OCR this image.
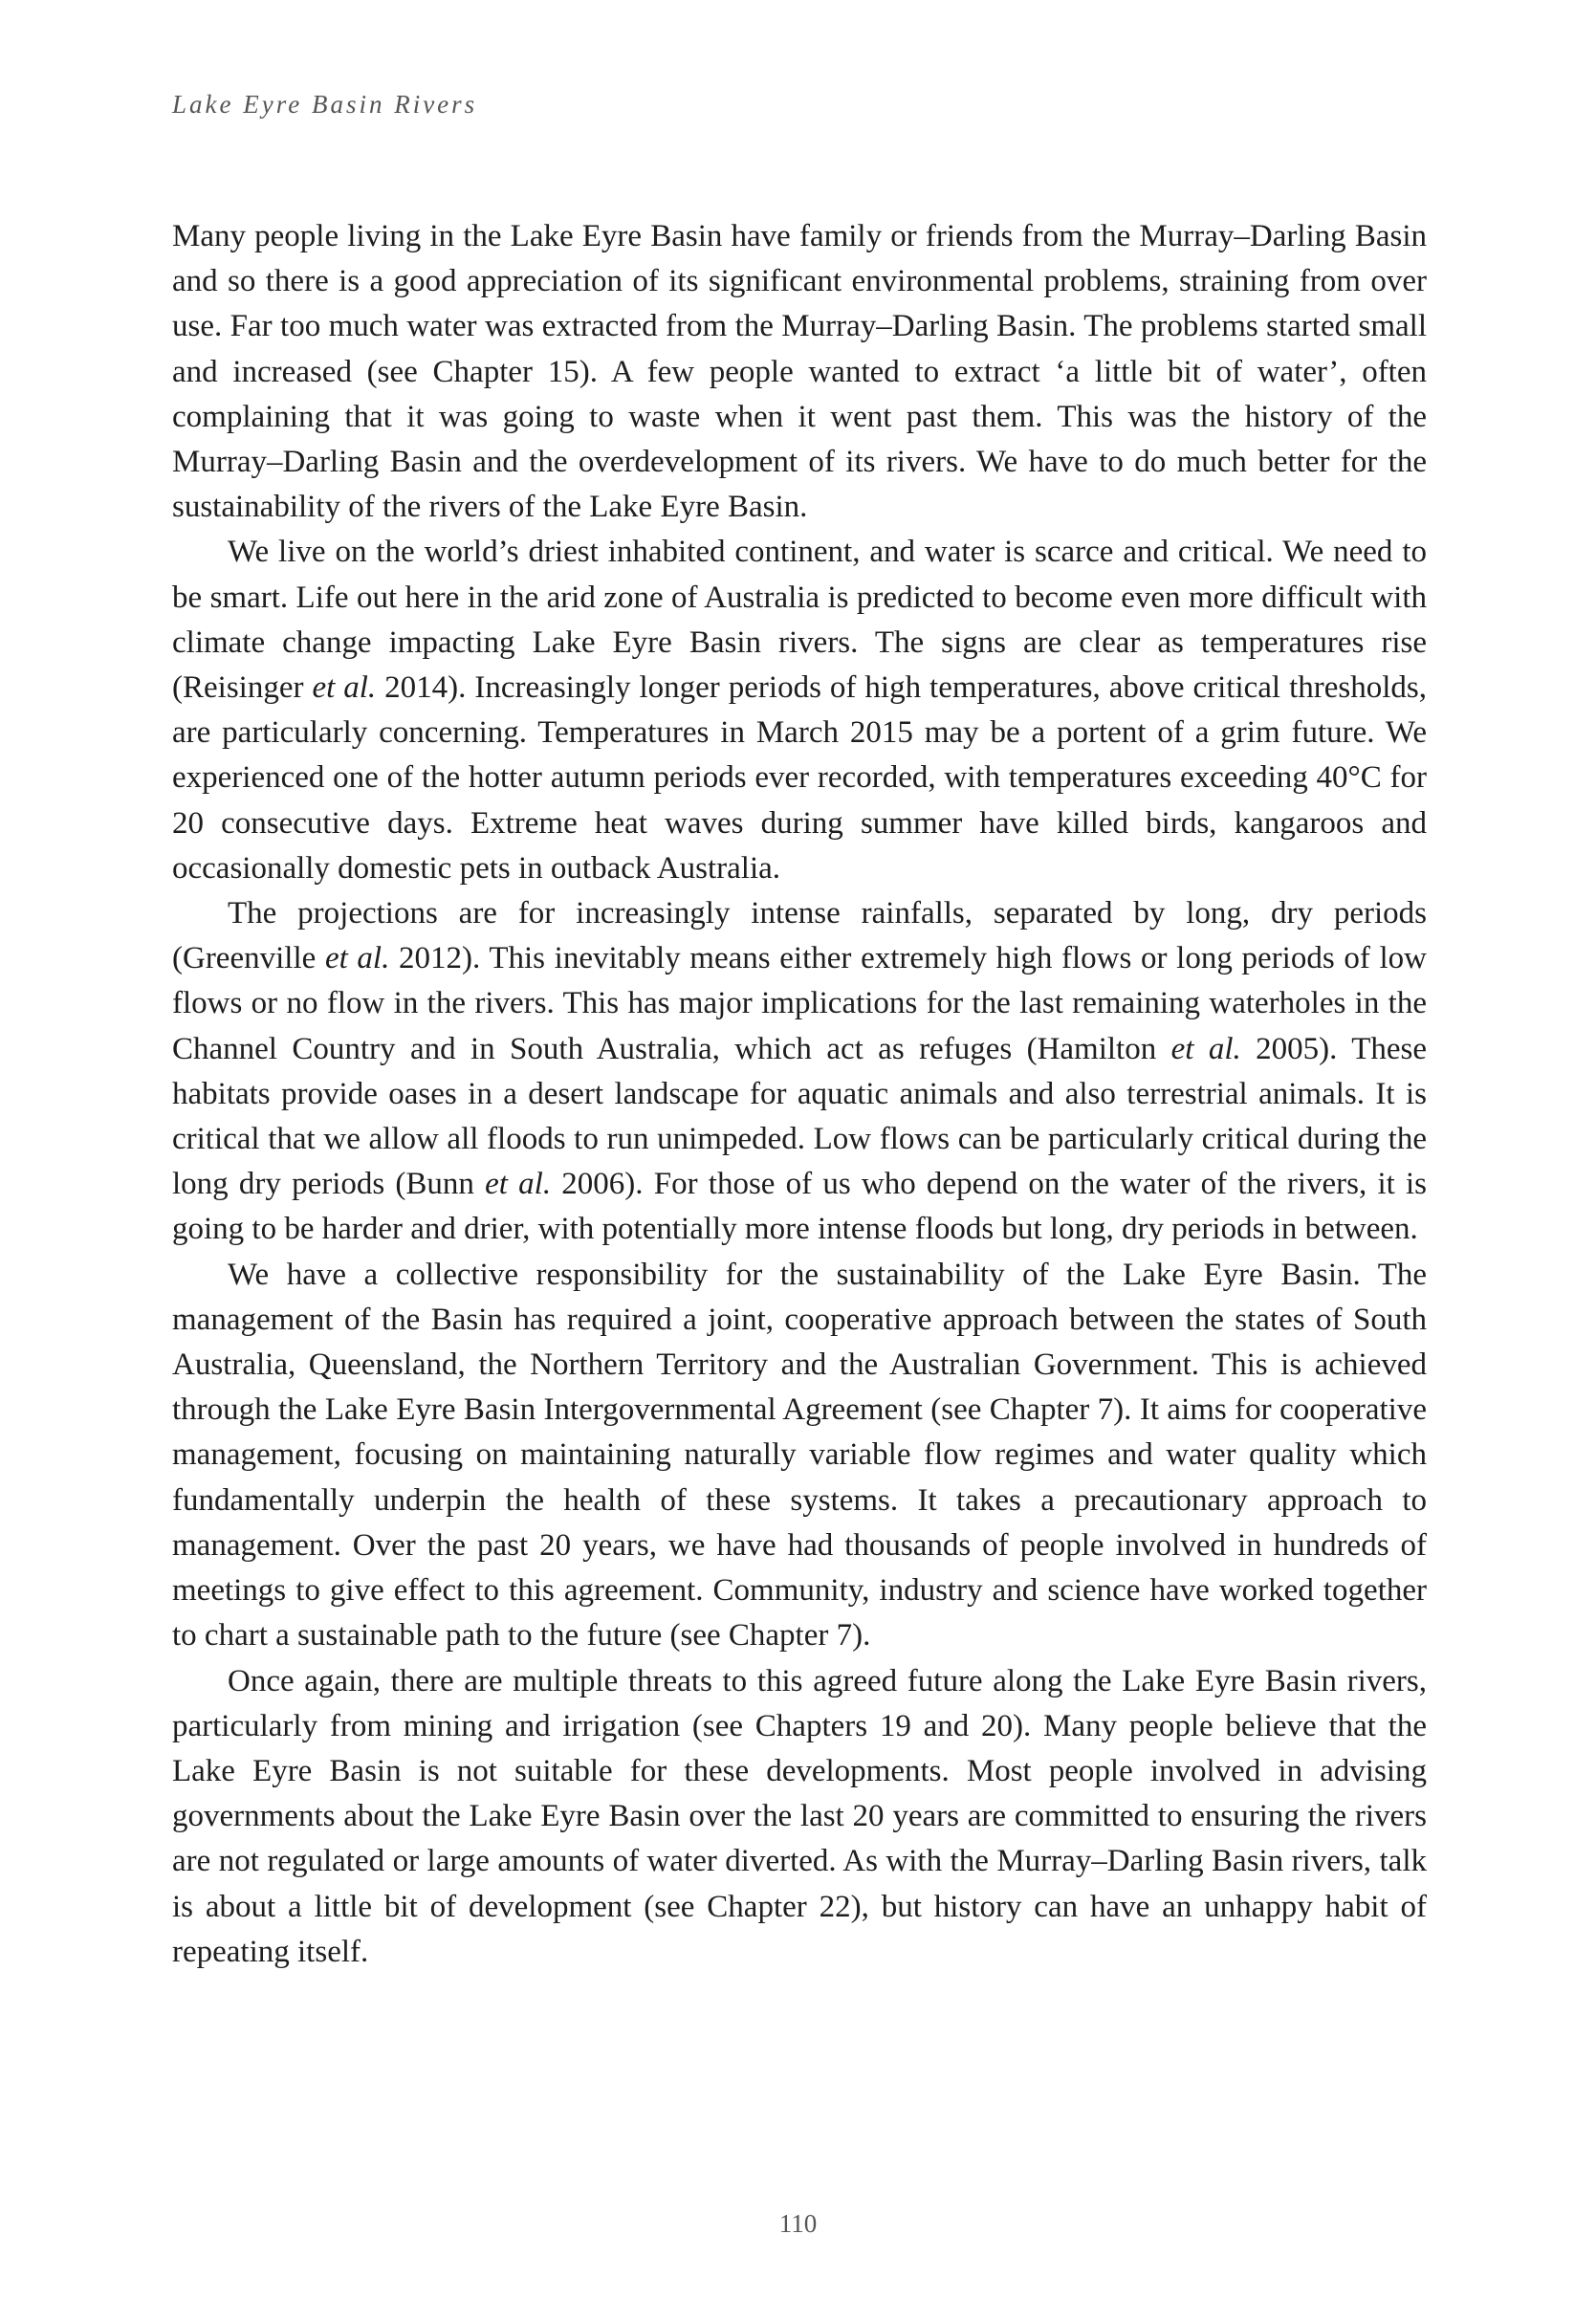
Lake Eyre Basin Rivers

Many people living in the Lake Eyre Basin have family or friends from the Murray–Darling Basin and so there is a good appreciation of its significant environmental problems, straining from over use. Far too much water was extracted from the Murray–Darling Basin. The problems started small and increased (see Chapter 15). A few people wanted to extract ‘a little bit of water’, often complaining that it was going to waste when it went past them. This was the history of the Murray–Darling Basin and the overdevelopment of its rivers. We have to do much better for the sustainability of the rivers of the Lake Eyre Basin.

We live on the world’s driest inhabited continent, and water is scarce and critical. We need to be smart. Life out here in the arid zone of Australia is predicted to become even more difficult with climate change impacting Lake Eyre Basin rivers. The signs are clear as temperatures rise (Reisinger et al. 2014). Increasingly longer periods of high temperatures, above critical thresholds, are particularly concerning. Temperatures in March 2015 may be a portent of a grim future. We experienced one of the hotter autumn periods ever recorded, with temperatures exceeding 40°C for 20 consecutive days. Extreme heat waves during summer have killed birds, kangaroos and occasionally domestic pets in outback Australia.

The projections are for increasingly intense rainfalls, separated by long, dry periods (Greenville et al. 2012). This inevitably means either extremely high flows or long periods of low flows or no flow in the rivers. This has major implications for the last remaining waterholes in the Channel Country and in South Australia, which act as refuges (Hamilton et al. 2005). These habitats provide oases in a desert landscape for aquatic animals and also terrestrial animals. It is critical that we allow all floods to run unimpeded. Low flows can be particularly critical during the long dry periods (Bunn et al. 2006). For those of us who depend on the water of the rivers, it is going to be harder and drier, with potentially more intense floods but long, dry periods in between.

We have a collective responsibility for the sustainability of the Lake Eyre Basin. The management of the Basin has required a joint, cooperative approach between the states of South Australia, Queensland, the Northern Territory and the Australian Government. This is achieved through the Lake Eyre Basin Intergovernmental Agreement (see Chapter 7). It aims for cooperative management, focusing on maintaining naturally variable flow regimes and water quality which fundamentally underpin the health of these systems. It takes a precautionary approach to management. Over the past 20 years, we have had thousands of people involved in hundreds of meetings to give effect to this agreement. Community, industry and science have worked together to chart a sustainable path to the future (see Chapter 7).

Once again, there are multiple threats to this agreed future along the Lake Eyre Basin rivers, particularly from mining and irrigation (see Chapters 19 and 20). Many people believe that the Lake Eyre Basin is not suitable for these developments. Most people involved in advising governments about the Lake Eyre Basin over the last 20 years are committed to ensuring the rivers are not regulated or large amounts of water diverted. As with the Murray–Darling Basin rivers, talk is about a little bit of development (see Chapter 22), but history can have an unhappy habit of repeating itself.

110
